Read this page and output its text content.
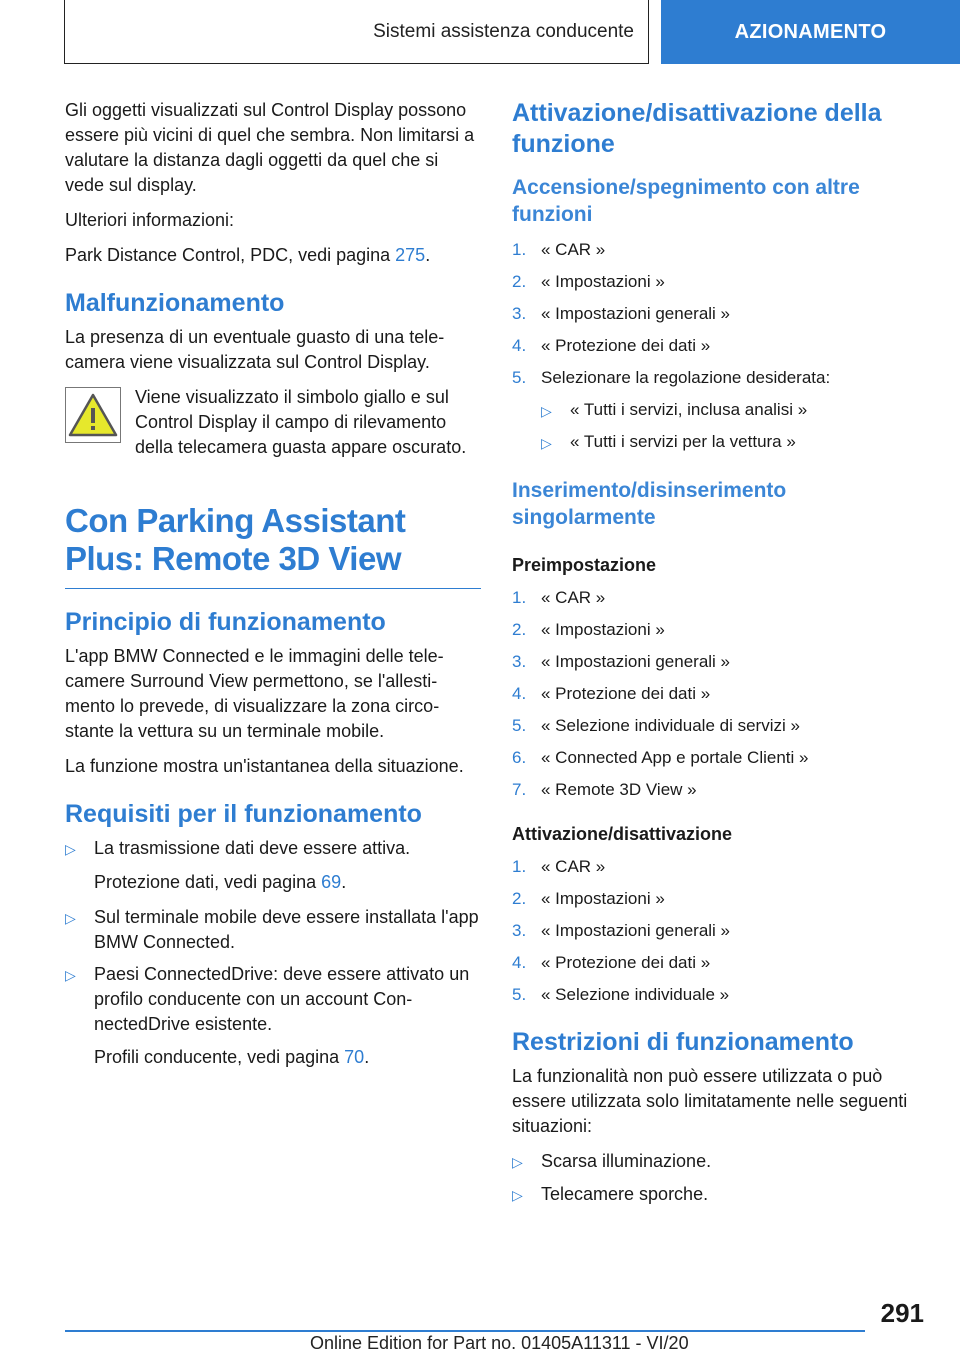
Sistemi assistenza conducente	AZIONAMENTO

Gli oggetti visualizzati sul Control Display possono essere più vicini di quel che sembra. Non limitarsi a valutare la distanza dagli oggetti da quel che si vede sul display.

Ulteriori informazioni:

Park Distance Control, PDC, vedi pagina 275.

Malfunzionamento

La presenza di un eventuale guasto di una telecamera viene visualizzata sul Control Display.

Viene visualizzato il simbolo giallo e sul Control Display il campo di rilevamento della telecamera guasta appare oscurato.
Con Parking Assistant Plus: Remote 3D View
Principio di funzionamento

L'app BMW Connected e le immagini delle telecamere Surround View permettono, se l'allestimento lo prevede, di visualizzare la zona circostante la vettura su un terminale mobile.

La funzione mostra un'istantanea della situazione.

Requisiti per il funzionamento
▷	La trasmissione dati deve essere attiva.
Protezione dati, vedi pagina 69.
▷	Sul terminale mobile deve essere installata l'app BMW Connected.
▷	Paesi ConnectedDrive: deve essere attivato un profilo conducente con un account ConnectedDrive esistente.
Profili conducente, vedi pagina 70.
Attivazione/disattivazione della funzione
Accensione/spegnimento con altre funzioni
1. « CAR »
2. « Impostazioni »
3. « Impostazioni generali »
4. « Protezione dei dati »
5. Selezionare la regolazione desiderata:
▷	« Tutti i servizi, inclusa analisi »
▷	« Tutti i servizi per la vettura »
Inserimento/disinserimento singolarmente
Preimpostazione
1. « CAR »
2. « Impostazioni »
3. « Impostazioni generali »
4. « Protezione dei dati »
5. « Selezione individuale di servizi »
6. « Connected App e portale Clienti »
7. « Remote 3D View »
Attivazione/disattivazione
1. « CAR »
2. « Impostazioni »
3. « Impostazioni generali »
4. « Protezione dei dati »
5. « Selezione individuale »
Restrizioni di funzionamento

La funzionalità non può essere utilizzata o può essere utilizzata solo limitatamente nelle seguenti situazioni:

▷	Scarsa illuminazione.
▷	Telecamere sporche.
291
Online Edition for Part no. 01405A11311 - VI/20
